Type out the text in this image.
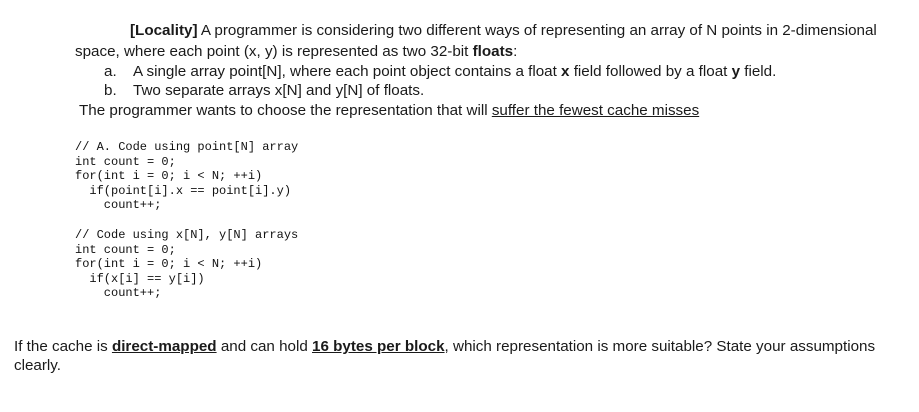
[Locality] A programmer is considering two different ways of representing an array of N points in 2-dimensional
space, where each point (x, y) is represented as two 32-bit floats:
a. A single array point[N], where each point object contains a float x field followed by a float y field.
b. Two separate arrays x[N] and y[N] of floats.
The programmer wants to choose the representation that will suffer the fewest cache misses
// A. Code using point[N] array
int count = 0;
for(int i = 0; i < N; ++i)
if(point[i].x == point[i].y)
count++;
// Code using x[N], y[N] arrays
int count = 0;
for(int i = 0; i < N; ++i)
if(x[i] == y[i])
count++;
If the cache is direct-mapped and can hold 16 bytes per block, which representation is more suitable? State your assumptions
clearly.
